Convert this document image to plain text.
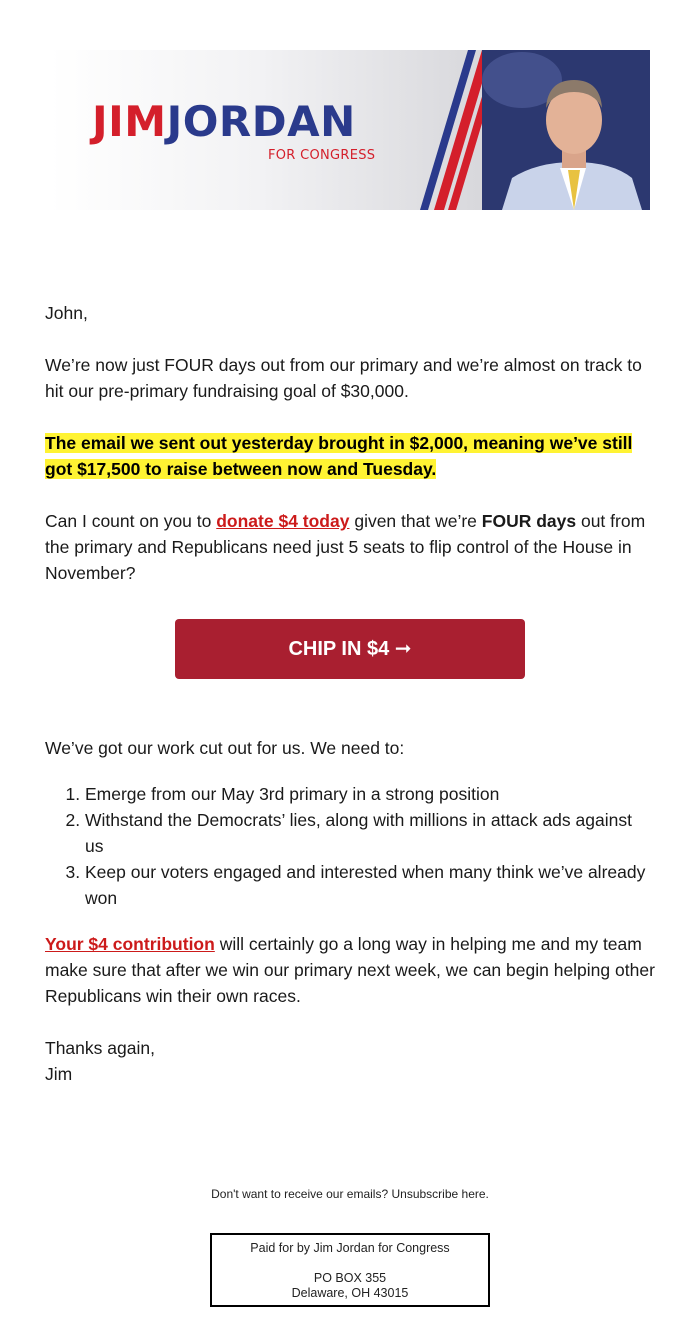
JIMJORDAN
FOR CONGRESS

John,

We’re now just FOUR days out from our primary and we’re almost on track to hit our pre-primary fundraising goal of $30,000.

The email we sent out yesterday brought in $2,000, meaning we’ve still got $17,500 to raise between now and Tuesday.

Can I count on you to donate $4 today given that we’re FOUR days out from the primary and Republicans need just 5 seats to flip control of the House in November?

CHIP IN $4 ➞

We’ve got our work cut out for us. We need to:

1. Emerge from our May 3rd primary in a strong position
2. Withstand the Democrats’ lies, along with millions in attack ads against us
3. Keep our voters engaged and interested when many think we’ve already won

Your $4 contribution will certainly go a long way in helping me and my team make sure that after we win our primary next week, we can begin helping other Republicans win their own races.

Thanks again,

Jim

Don't want to receive our emails? Unsubscribe here.
Paid for by Jim Jordan for Congress
PO BOX 355
Delaware, OH 43015
